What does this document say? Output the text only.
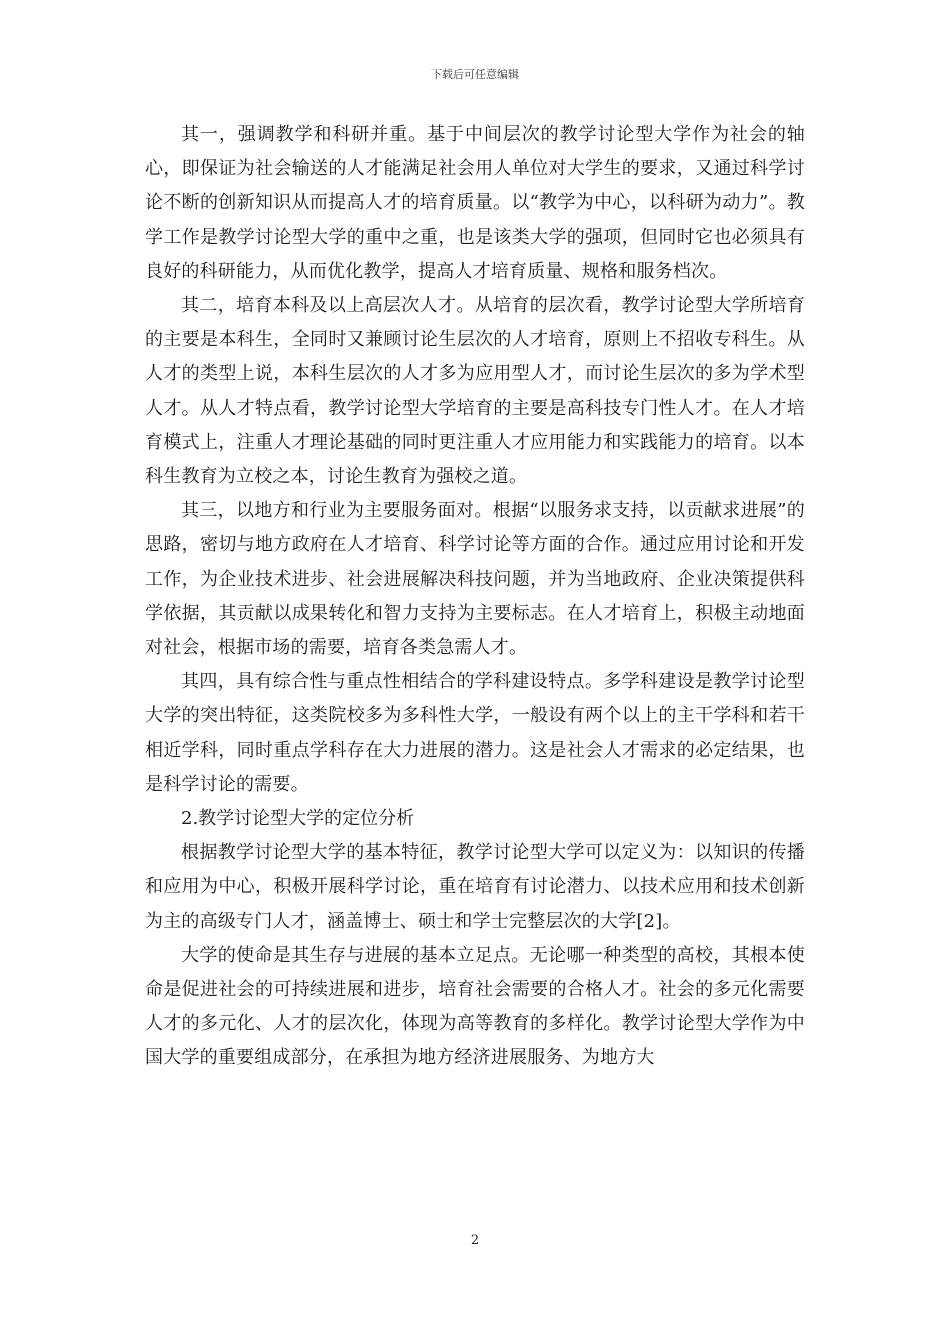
下载后可任意编辑

其一，强调教学和科研并重。基于中间层次的教学讨论型大学作为社会的轴心，即保证为社会输送的人才能满足社会用人单位对大学生的要求，又通过科学讨论不断的创新知识从而提高人才的培育质量。以“教学为中心，以科研为动力”。教学工作是教学讨论型大学的重中之重，也是该类大学的强项，但同时它也必须具有良好的科研能力，从而优化教学，提高人才培育质量、规格和服务档次。

其二，培育本科及以上高层次人才。从培育的层次看，教学讨论型大学所培育的主要是本科生，全同时又兼顾讨论生层次的人才培育，原则上不招收专科生。从人才的类型上说，本科生层次的人才多为应用型人才，而讨论生层次的多为学术型人才。从人才特点看，教学讨论型大学培育的主要是高科技专门性人才。在人才培育模式上，注重人才理论基础的同时更注重人才应用能力和实践能力的培育。以本科生教育为立校之本，讨论生教育为强校之道。

其三，以地方和行业为主要服务面对。根据“以服务求支持，以贡献求进展”的思路，密切与地方政府在人才培育、科学讨论等方面的合作。通过应用讨论和开发工作，为企业技术进步、社会进展解决科技问题，并为当地政府、企业决策提供科学依据，其贡献以成果转化和智力支持为主要标志。在人才培育上，积极主动地面对社会，根据市场的需要，培育各类急需人才。

其四，具有综合性与重点性相结合的学科建设特点。多学科建设是教学讨论型大学的突出特征，这类院校多为多科性大学，一般设有两个以上的主干学科和若干相近学科，同时重点学科存在大力进展的潜力。这是社会人才需求的必定结果，也是科学讨论的需要。

2.教学讨论型大学的定位分析

根据教学讨论型大学的基本特征，教学讨论型大学可以定义为：以知识的传播和应用为中心，积极开展科学讨论，重在培育有讨论潜力、以技术应用和技术创新为主的高级专门人才，涵盖博士、硕士和学士完整层次的大学[2]。

大学的使命是其生存与进展的基本立足点。无论哪一种类型的高校，其根本使命是促进社会的可持续进展和进步，培育社会需要的合格人才。社会的多元化需要人才的多元化、人才的层次化，体现为高等教育的多样化。教学讨论型大学作为中国大学的重要组成部分，在承担为地方经济进展服务、为地方大

2
